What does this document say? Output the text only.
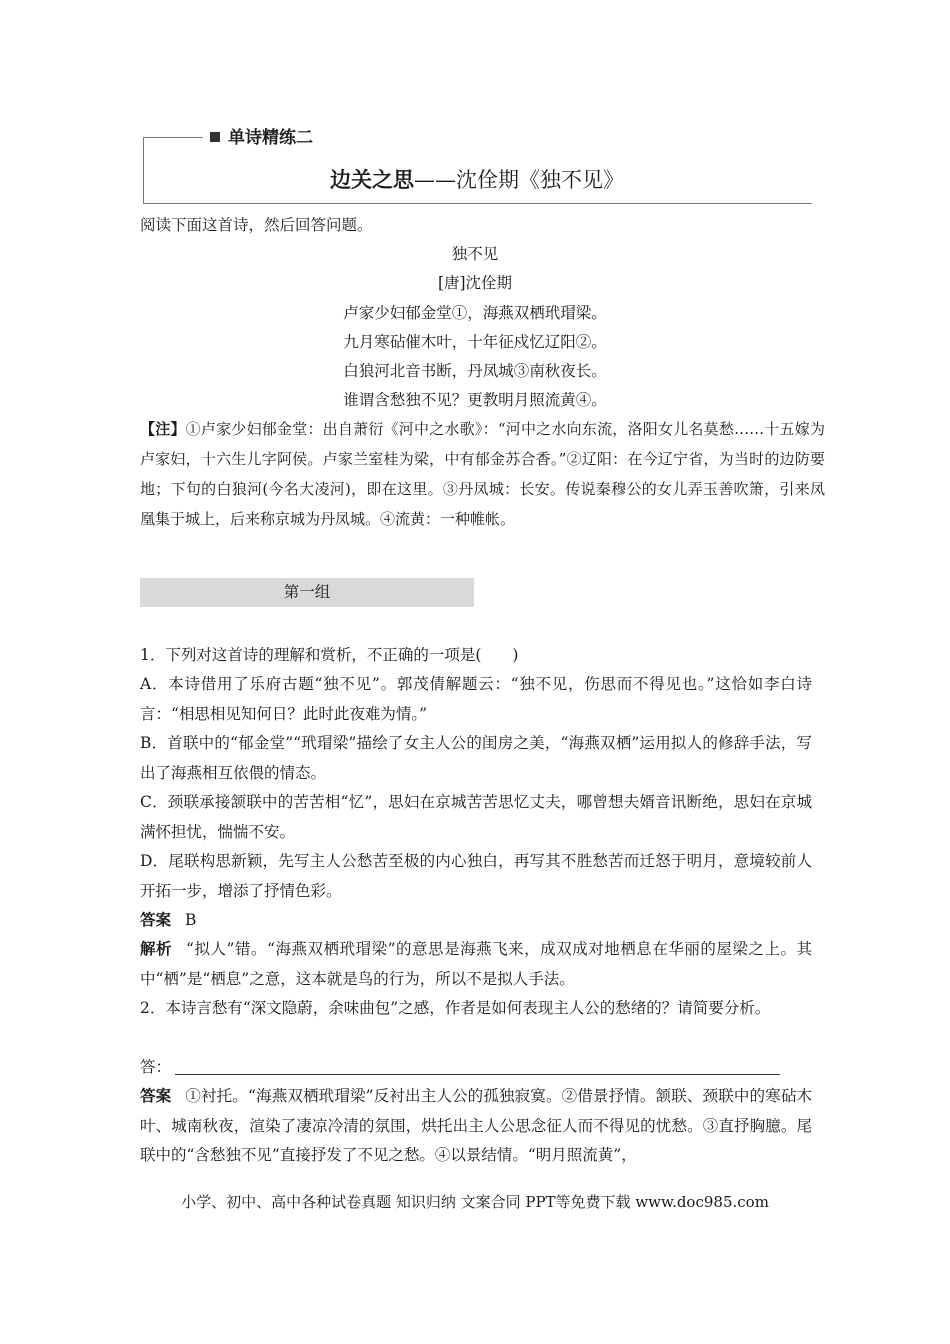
单诗精练二
边关之思——沈佺期《独不见》
阅读下面这首诗，然后回答问题。
独不见
[唐]沈佺期
卢家少妇郁金堂①，海燕双栖玳瑁梁。
九月寒砧催木叶，十年征戍忆辽阳②。
白狼河北音书断，丹凤城③南秋夜长。
谁谓含愁独不见？更教明月照流黄④。
【注】①卢家少妇郁金堂：出自萧衍《河中之水歌》：“河中之水向东流，洛阳女儿名莫愁……十五嫁为卢家妇，十六生儿字阿侯。卢家兰室桂为梁，中有郁金苏合香。”②辽阳：在今辽宁省，为当时的边防要地；下句的白狼河(今名大凌河)，即在这里。③丹凤城：长安。传说秦穆公的女儿弄玉善吹箫，引来凤凰集于城上，后来称京城为丹凤城。④流黄：一种帷帐。
第一组
1．下列对这首诗的理解和赏析，不正确的一项是(　　)
A．本诗借用了乐府古题“独不见”。郭茂倩解题云：“独不见，伤思而不得见也。”这恰如李白诗言：“相思相见知何日？此时此夜难为情。”
B．首联中的“郁金堂”“玳瑁梁”描绘了女主人公的闺房之美，“海燕双栖”运用拟人的修辞手法，写出了海燕相互依偎的情态。
C．颈联承接颔联中的苦苦相“忆”，思妇在京城苦苦思忆丈夫，哪曾想夫婿音讯断绝，思妇在京城满怀担忧，惴惴不安。
D．尾联构思新颖，先写主人公愁苦至极的内心独白，再写其不胜愁苦而迁怒于明月，意境较前人开拓一步，增添了抒情色彩。
答案 B
解析 “拟人”错。“海燕双栖玳瑁梁”的意思是海燕飞来，成双成对地栖息在华丽的屋梁之上。其中“栖”是“栖息”之意，这本就是鸟的行为，所以不是拟人手法。
2．本诗言愁有“深文隐蔚，余味曲包”之感，作者是如何表现主人公的愁绪的？请简要分析。
答：
答案 ①衬托。“海燕双栖玳瑁梁”反衬出主人公的孤独寂寞。②借景抒情。颔联、颈联中的寒砧木叶、城南秋夜，渲染了凄凉冷清的氛围，烘托出主人公思念征人而不得见的忧愁。③直抒胸臆。尾联中的“含愁独不见”直接抒发了不见之愁。④以景结情。“明月照流黄”，
小学、初中、高中各种试卷真题 知识归纳 文案合同 PPT等免费下载 www.doc985.com
